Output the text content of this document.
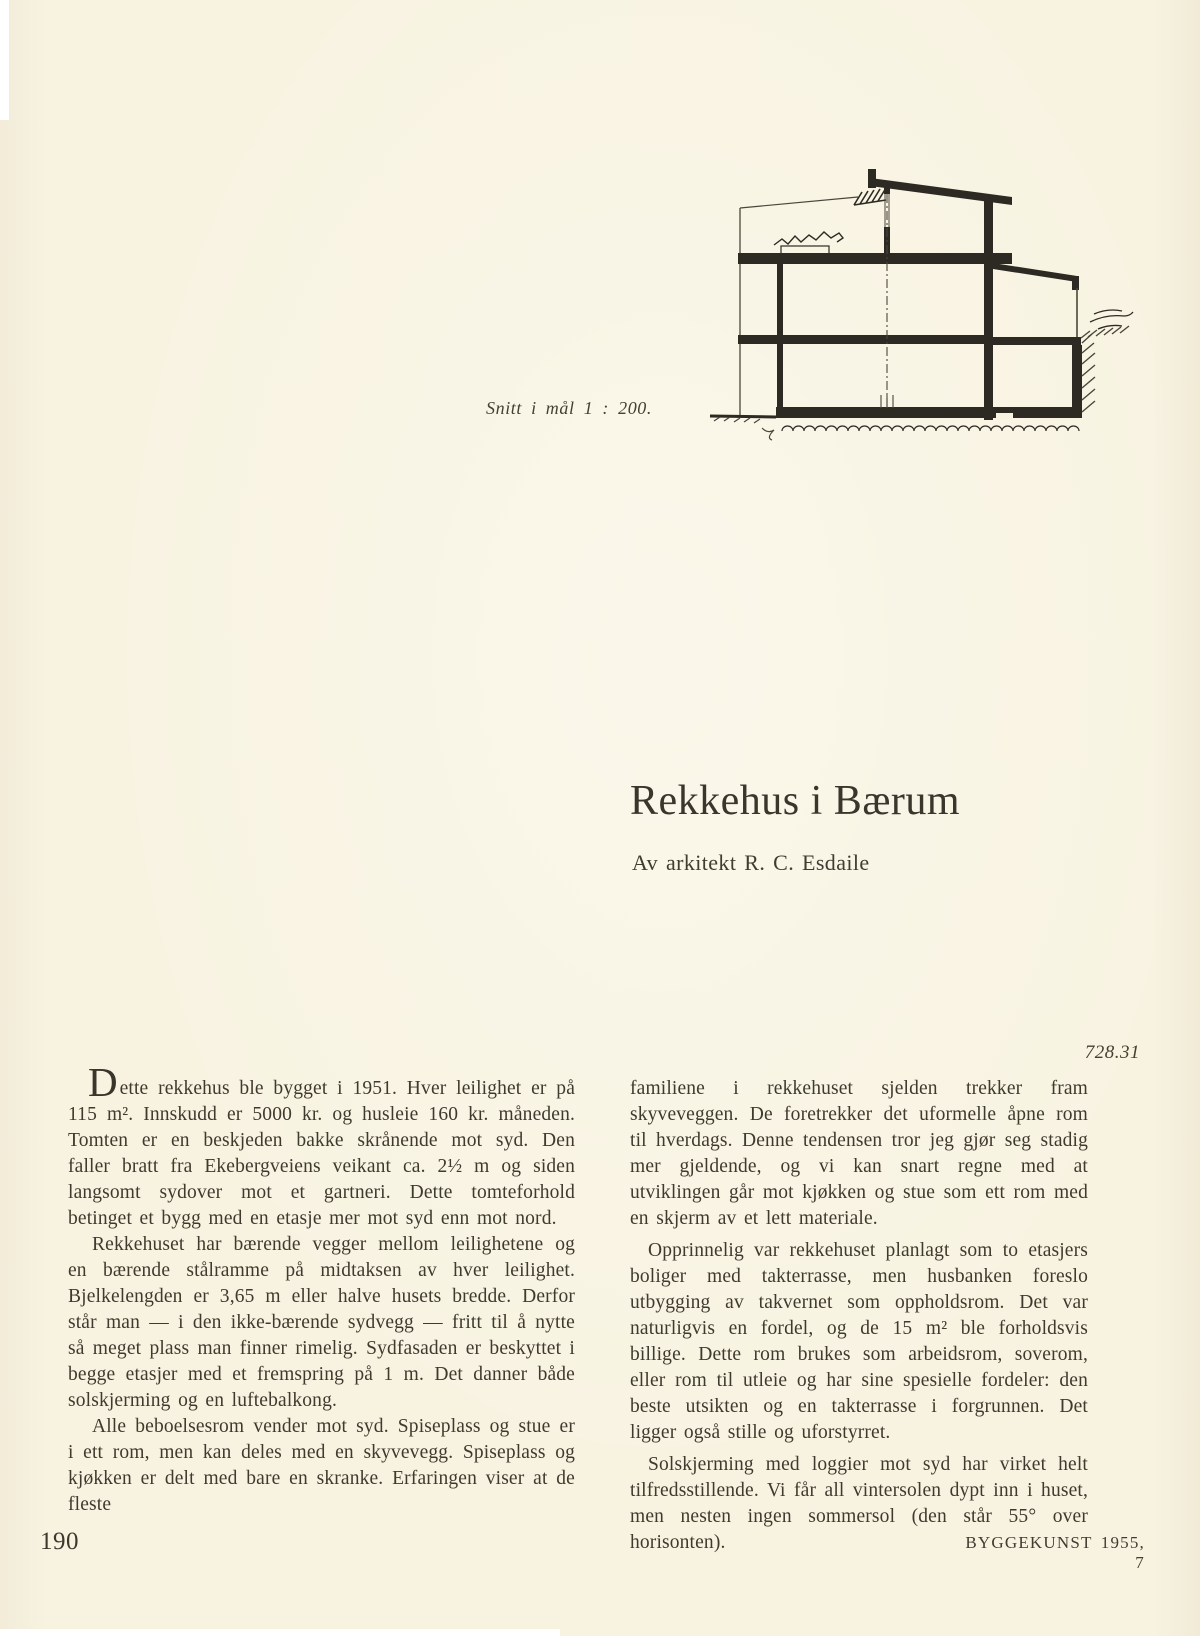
Snitt i mål 1 : 200.
Rekkehus i Bærum
Av arkitekt R. C. Esdaile
728.31

Dette rekkehus ble bygget i 1951. Hver leilighet er på 115 m². Innskudd er 5000 kr. og husleie 160 kr. måneden. Tomten er en beskjeden bakke skrånende mot syd. Den faller bratt fra Ekebergveiens veikant ca. 2½ m og siden langsomt sydover mot et gartneri. Dette tomteforhold betinget et bygg med en etasje mer mot syd enn mot nord.

Rekkehuset har bærende vegger mellom leilighetene og en bærende stålramme på midtaksen av hver leilighet. Bjelkelengden er 3,65 m eller halve husets bredde. Derfor står man — i den ikke-bærende sydvegg — fritt til å nytte så meget plass man finner rimelig. Sydfasaden er beskyttet i begge etasjer med et fremspring på 1 m. Det danner både solskjerming og en luftebalkong.

Alle beboelsesrom vender mot syd. Spiseplass og stue er i ett rom, men kan deles med en skyvevegg. Spiseplass og kjøkken er delt med bare en skranke. Erfaringen viser at de fleste

familiene i rekkehuset sjelden trekker fram skyveveggen. De foretrekker det uformelle åpne rom til hverdags. Denne tendensen tror jeg gjør seg stadig mer gjeldende, og vi kan snart regne med at utviklingen går mot kjøkken og stue som ett rom med en skjerm av et lett materiale.

Opprinnelig var rekkehuset planlagt som to etasjers boliger med takterrasse, men husbanken foreslo utbygging av takvernet som oppholdsrom. Det var naturligvis en fordel, og de 15 m² ble forholdsvis billige. Dette rom brukes som arbeidsrom, soverom, eller rom til utleie og har sine spesielle fordeler: den beste utsikten og en takterrasse i forgrunnen. Det ligger også stille og uforstyrret.

Solskjerming med loggier mot syd har virket helt tilfredsstillende. Vi får all vintersolen dypt inn i huset, men nesten ingen sommersol (den står 55° over horisonten).

190	BYGGEKUNST 1955, 7
